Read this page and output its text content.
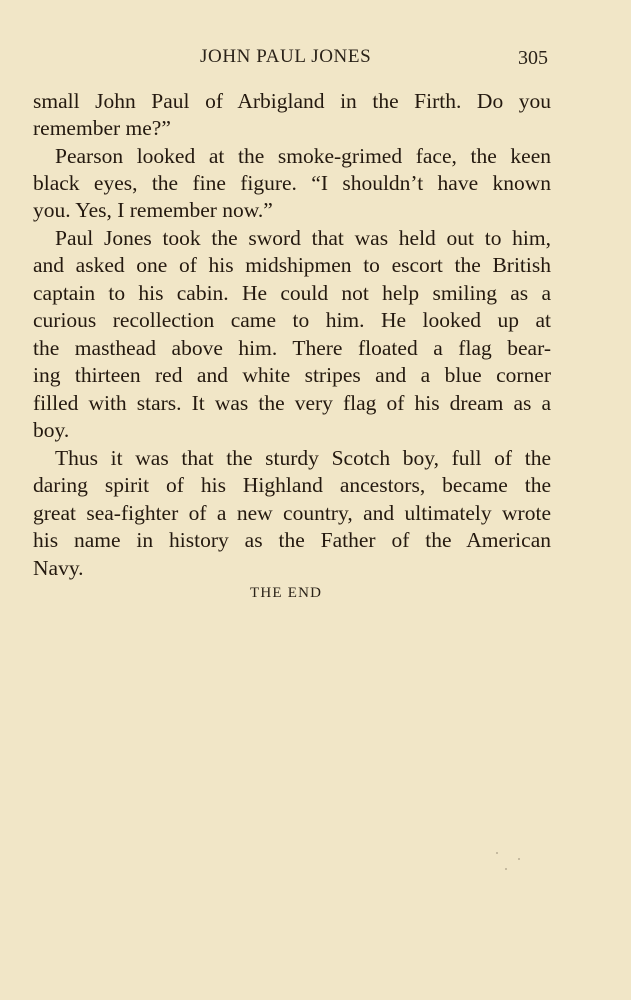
JOHN PAUL JONES	305
small John Paul of Arbigland in the Firth. Do you
remember me?”
Pearson looked at the smoke-grimed face, the keen
black eyes, the fine figure. “I shouldn’t have known
you. Yes, I remember now.”
Paul Jones took the sword that was held out to him,
and asked one of his midshipmen to escort the British
captain to his cabin. He could not help smiling as a
curious recollection came to him. He looked up at
the masthead above him. There floated a flag bear-
ing thirteen red and white stripes and a blue corner
filled with stars. It was the very flag of his dream as a
boy.
Thus it was that the sturdy Scotch boy, full of the
daring spirit of his Highland ancestors, became the
great sea-fighter of a new country, and ultimately wrote
his name in history as the Father of the American
Navy.
THE END
